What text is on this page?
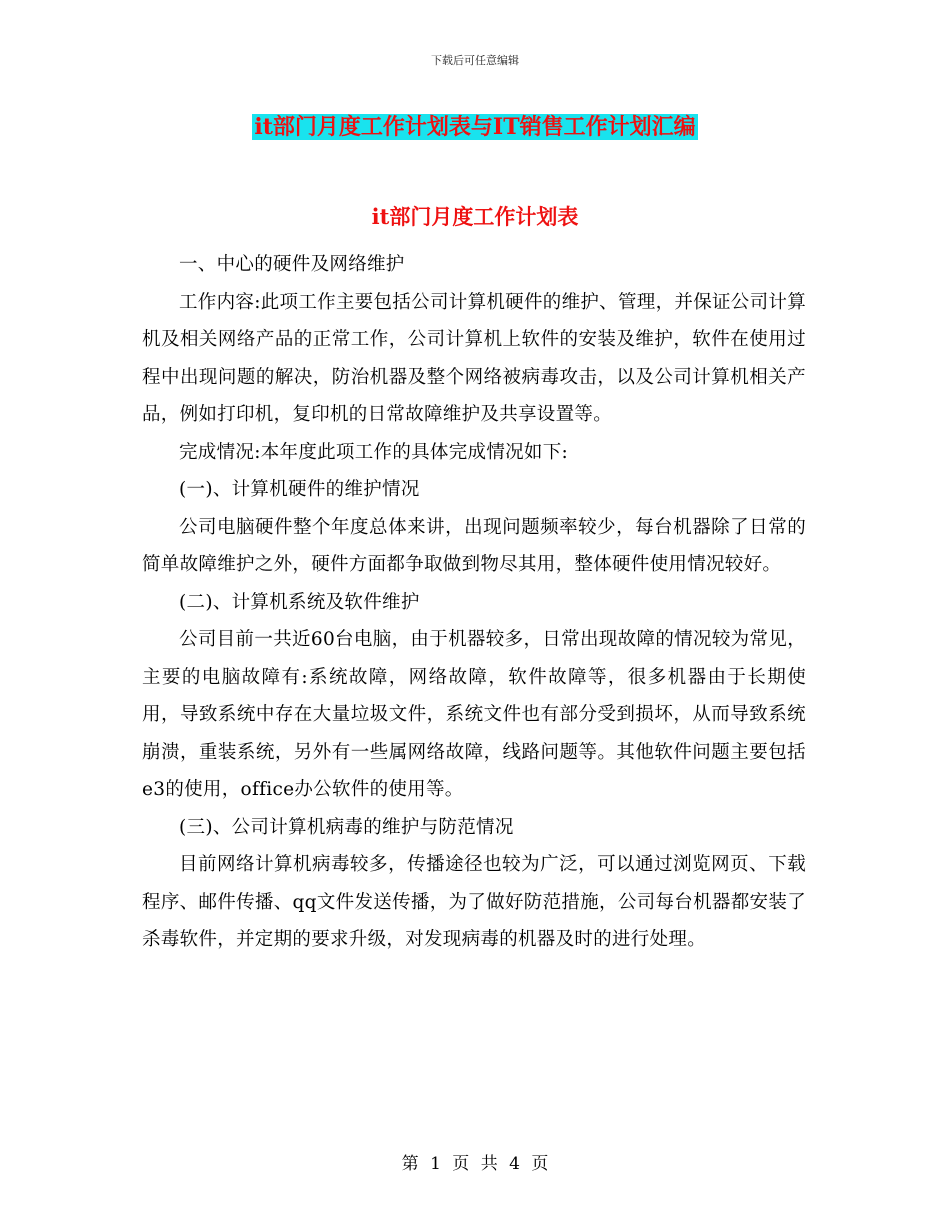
下载后可任意编辑
it部门月度工作计划表与IT销售工作计划汇编
it部门月度工作计划表

一、中心的硬件及网络维护

工作内容:此项工作主要包括公司计算机硬件的维护、管理，并保证公司计算机及相关网络产品的正常工作，公司计算机上软件的安装及维护，软件在使用过程中出现问题的解决，防治机器及整个网络被病毒攻击，以及公司计算机相关产品，例如打印机，复印机的日常故障维护及共享设置等。

完成情况:本年度此项工作的具体完成情况如下:

(一)、计算机硬件的维护情况

公司电脑硬件整个年度总体来讲，出现问题频率较少，每台机器除了日常的简单故障维护之外，硬件方面都争取做到物尽其用，整体硬件使用情况较好。

(二)、计算机系统及软件维护

公司目前一共近60台电脑，由于机器较多，日常出现故障的情况较为常见，主要的电脑故障有:系统故障，网络故障，软件故障等，很多机器由于长期使用，导致系统中存在大量垃圾文件，系统文件也有部分受到损坏，从而导致系统崩溃，重装系统，另外有一些属网络故障，线路问题等。其他软件问题主要包括e3的使用，office办公软件的使用等。

(三)、公司计算机病毒的维护与防范情况

目前网络计算机病毒较多，传播途径也较为广泛，可以通过浏览网页、下载程序、邮件传播、qq文件发送传播，为了做好防范措施，公司每台机器都安装了杀毒软件，并定期的要求升级，对发现病毒的机器及时的进行处理。

第 1 页 共 4 页
